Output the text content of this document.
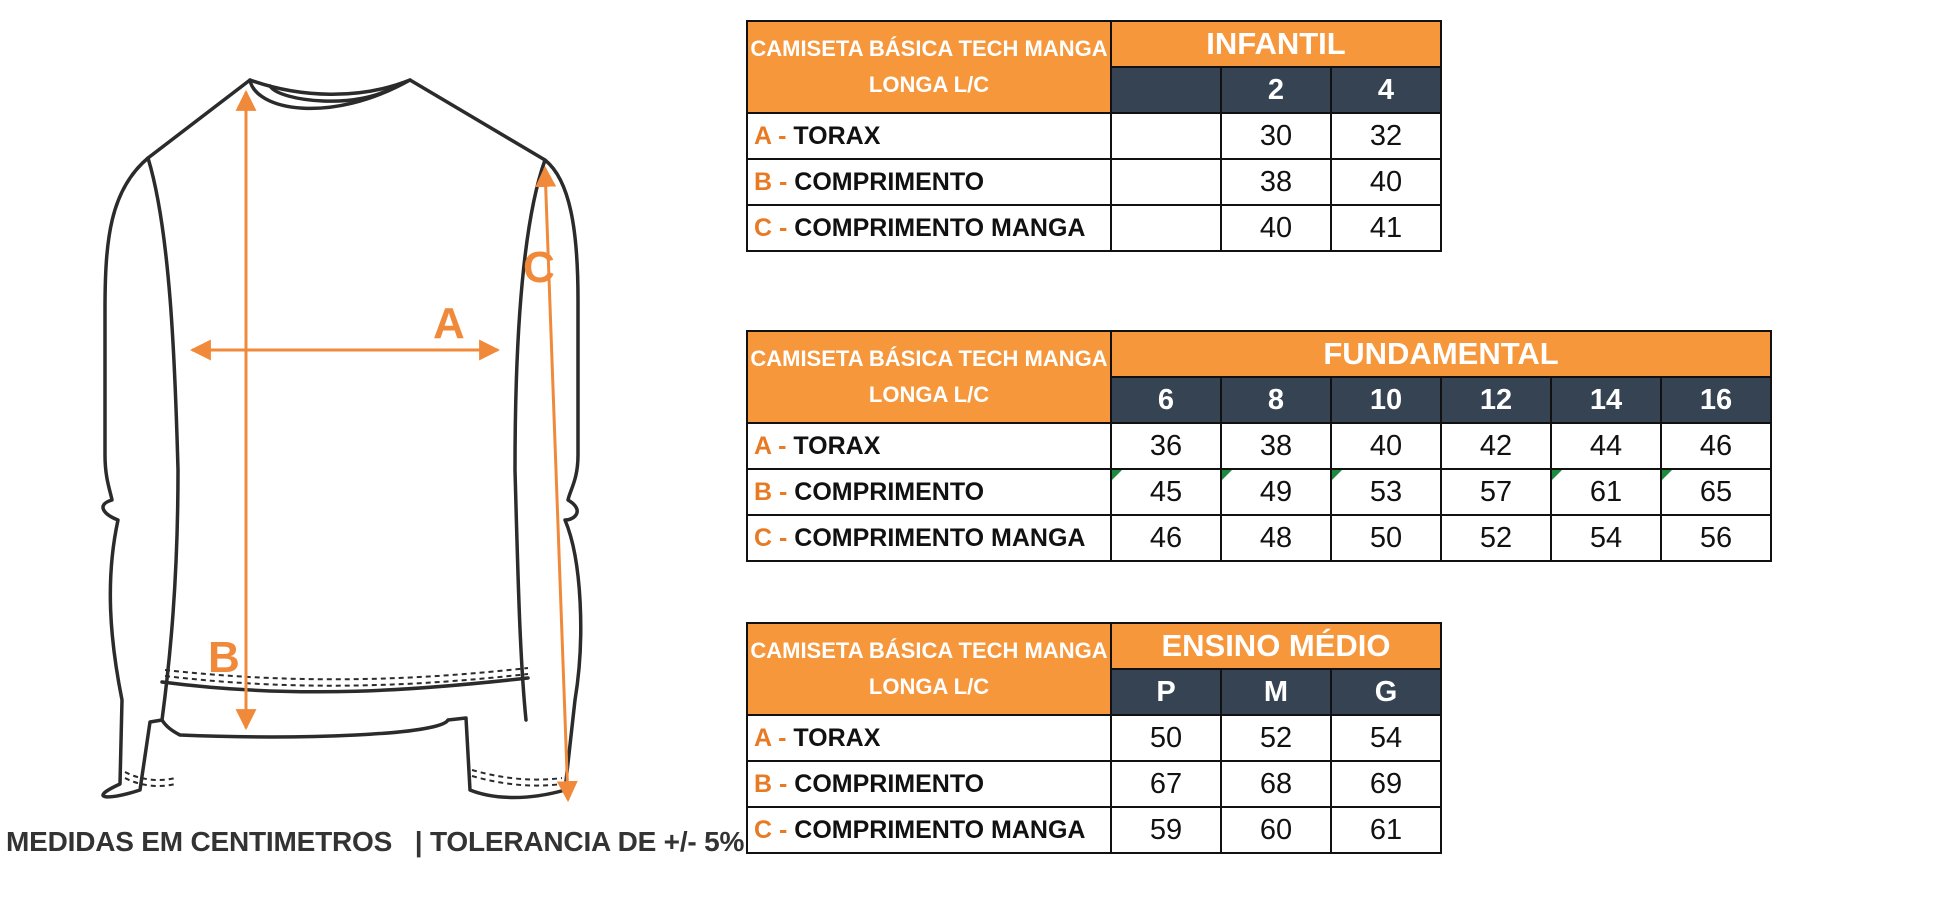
A
B
C
MEDIDAS EM CENTIMETROS   | TOLERANCIA DE +/- 5%
CAMISETA BÁSICA TECH MANGA
LONGA L/C	INFANTIL		
		2	4
A - TORAX		30	32
B - COMPRIMENTO		38	40
C - COMPRIMENTO MANGA		40	41
CAMISETA BÁSICA TECH MANGA
LONGA L/C	FUNDAMENTAL					
	6	8	10	12	14	16
A - TORAX	36	38	40	42	44	46
B - COMPRIMENTO	45	49	53	57	61	65
C - COMPRIMENTO MANGA	46	48	50	52	54	56
CAMISETA BÁSICA TECH MANGA
LONGA L/C	ENSINO MÉDIO		
	P	M	G
A - TORAX	50	52	54
B - COMPRIMENTO	67	68	69
C - COMPRIMENTO MANGA	59	60	61
